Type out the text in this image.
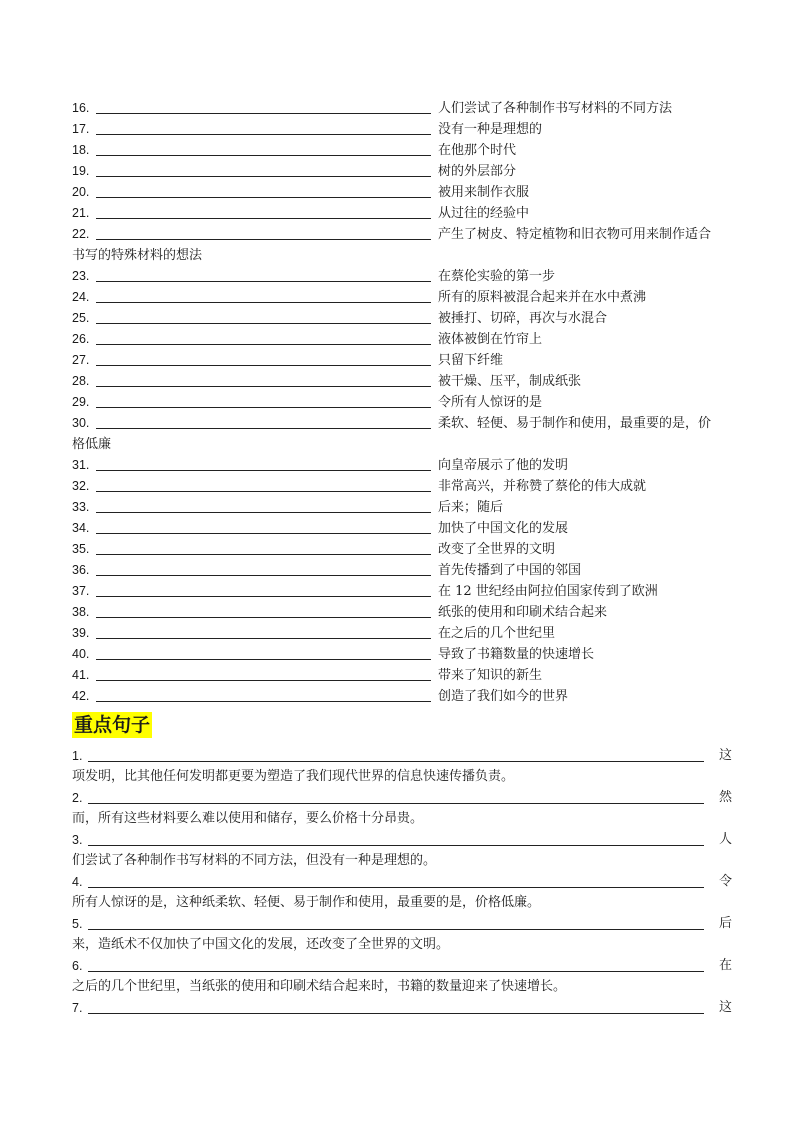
16.	人们尝试了各种制作书写材料的不同方法
17.	没有一种是理想的
18.	在他那个时代
19.	树的外层部分
20.	被用来制作衣服
21.	从过往的经验中
22.	产生了树皮、特定植物和旧衣物可用来制作适合
书写的特殊材料的想法
23.	在蔡伦实验的第一步
24.	所有的原料被混合起来并在水中煮沸
25.	被捶打、切碎，再次与水混合
26.	液体被倒在竹帘上
27.	只留下纤维
28.	被干燥、压平，制成纸张
29.	令所有人惊讶的是
30.	柔软、轻便、易于制作和使用，最重要的是，价
格低廉
31.	向皇帝展示了他的发明
32.	非常高兴，并称赞了蔡伦的伟大成就
33.	后来；随后
34.	加快了中国文化的发展
35.	改变了全世界的文明
36.	首先传播到了中国的邻国
37.	在 12 世纪经由阿拉伯国家传到了欧洲
38.	纸张的使用和印刷术结合起来
39.	在之后的几个世纪里
40.	导致了书籍数量的快速增长
41.	带来了知识的新生
42.	创造了我们如今的世界
重点句子
1.	这
项发明，比其他任何发明都更要为塑造了我们现代世界的信息快速传播负责。
2.	然
而，所有这些材料要么难以使用和储存，要么价格十分昂贵。
3.	人
们尝试了各种制作书写材料的不同方法，但没有一种是理想的。
4.	令
所有人惊讶的是，这种纸柔软、轻便、易于制作和使用，最重要的是，价格低廉。
5.	后
来，造纸术不仅加快了中国文化的发展，还改变了全世界的文明。
6.	在
之后的几个世纪里，当纸张的使用和印刷术结合起来时，书籍的数量迎来了快速增长。
7.	这
